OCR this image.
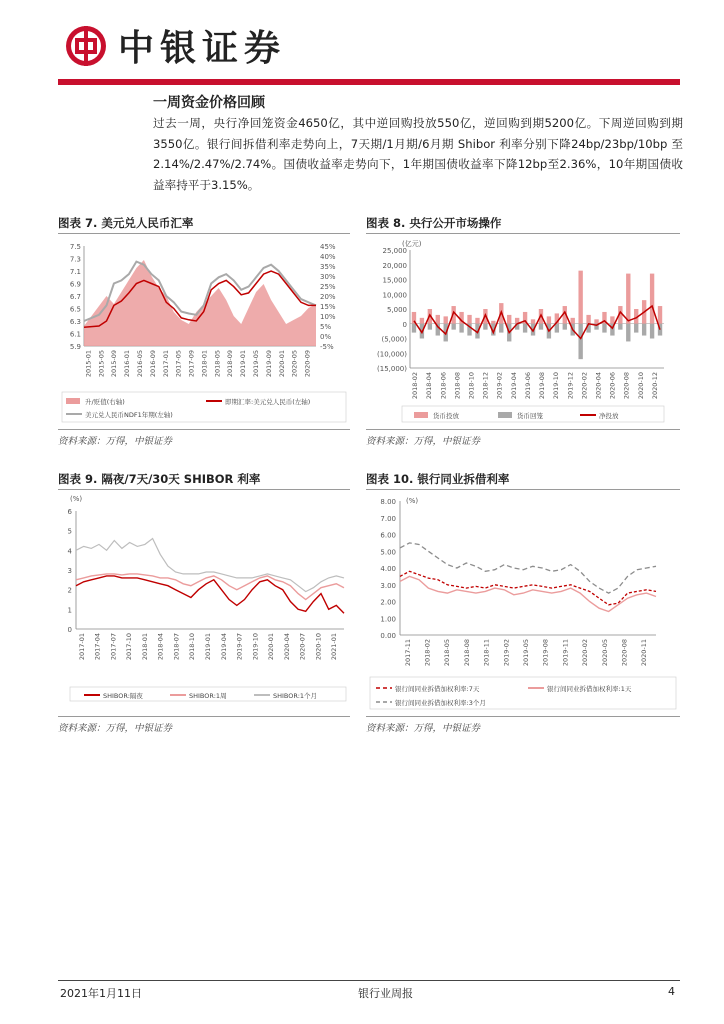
中银证券
一周资金价格回顾
过去一周，央行净回笼资金4650亿，其中逆回购投放550亿，逆回购到期5200亿。下周逆回购到期3550亿。银行间拆借利率走势向上，7天期/1月期/6月期 Shibor 利率分别下降24bp/23bp/10bp 至2.14%/2.47%/2.74%。国债收益率走势向下，1年期国债收益率下降12bp至2.36%，10年期国债收益率持平于3.15%。
图表 7. 美元兑人民币汇率
7.5
7.3
7.1
6.9
6.7
6.5
6.3
6.1
5.9
45%
40%
35%
30%
25%
20%
15%
10%
5%
0%
-5%
2015-01 2015-05 2015-09 2016-01 2016-05 2016-09 2017-01 2017-05 2017-09 2018-01 2018-05 2018-09 2019-01 2019-05 2019-09 2020-01 2020-05 2020-09
升/贬值(右轴)	即期汇率:美元兑人民币(左轴)
美元兑人民币NDF1年期(左轴)
资料来源：万得，中银证券
图表 8. 央行公开市场操作
(亿元)
25,000
20,000
15,000
10,000
5,000
0
(5,000)
(10,000)
(15,000)
2018-02 2018-04 2018-06 2018-08 2018-10 2018-12 2019-02 2019-04 2019-06 2019-08 2019-10 2019-12 2020-02 2020-04 2020-06 2020-08 2020-10 2020-12
货币投放	货币回笼	净投放
资料来源：万得，中银证券
图表 9. 隔夜/7天/30天 SHIBOR 利率
(%)
6
5
4
3
2
1
0
2017-01 2017-04 2017-07 2017-10 2018-01 2018-04 2018-07 2018-10 2019-01 2019-04 2019-07 2019-10 2020-01 2020-04 2020-07 2020-10 2021-01
SHIBOR:隔夜	SHIBOR:1周	SHIBOR:1个月
资料来源：万得，中银证券
图表 10. 银行同业拆借利率
(%)
8.00
7.00
6.00
5.00
4.00
3.00
2.00
1.00
0.00
2017-11 2018-02 2018-05 2018-08 2018-11 2019-02 2019-05 2019-08 2019-11 2020-02 2020-05 2020-08 2020-11
银行间同业拆借加权利率:7天	银行间同业拆借加权利率:1天
银行间同业拆借加权利率:3个月
资料来源：万得，中银证券
2021年1月11日	银行业周报	4
